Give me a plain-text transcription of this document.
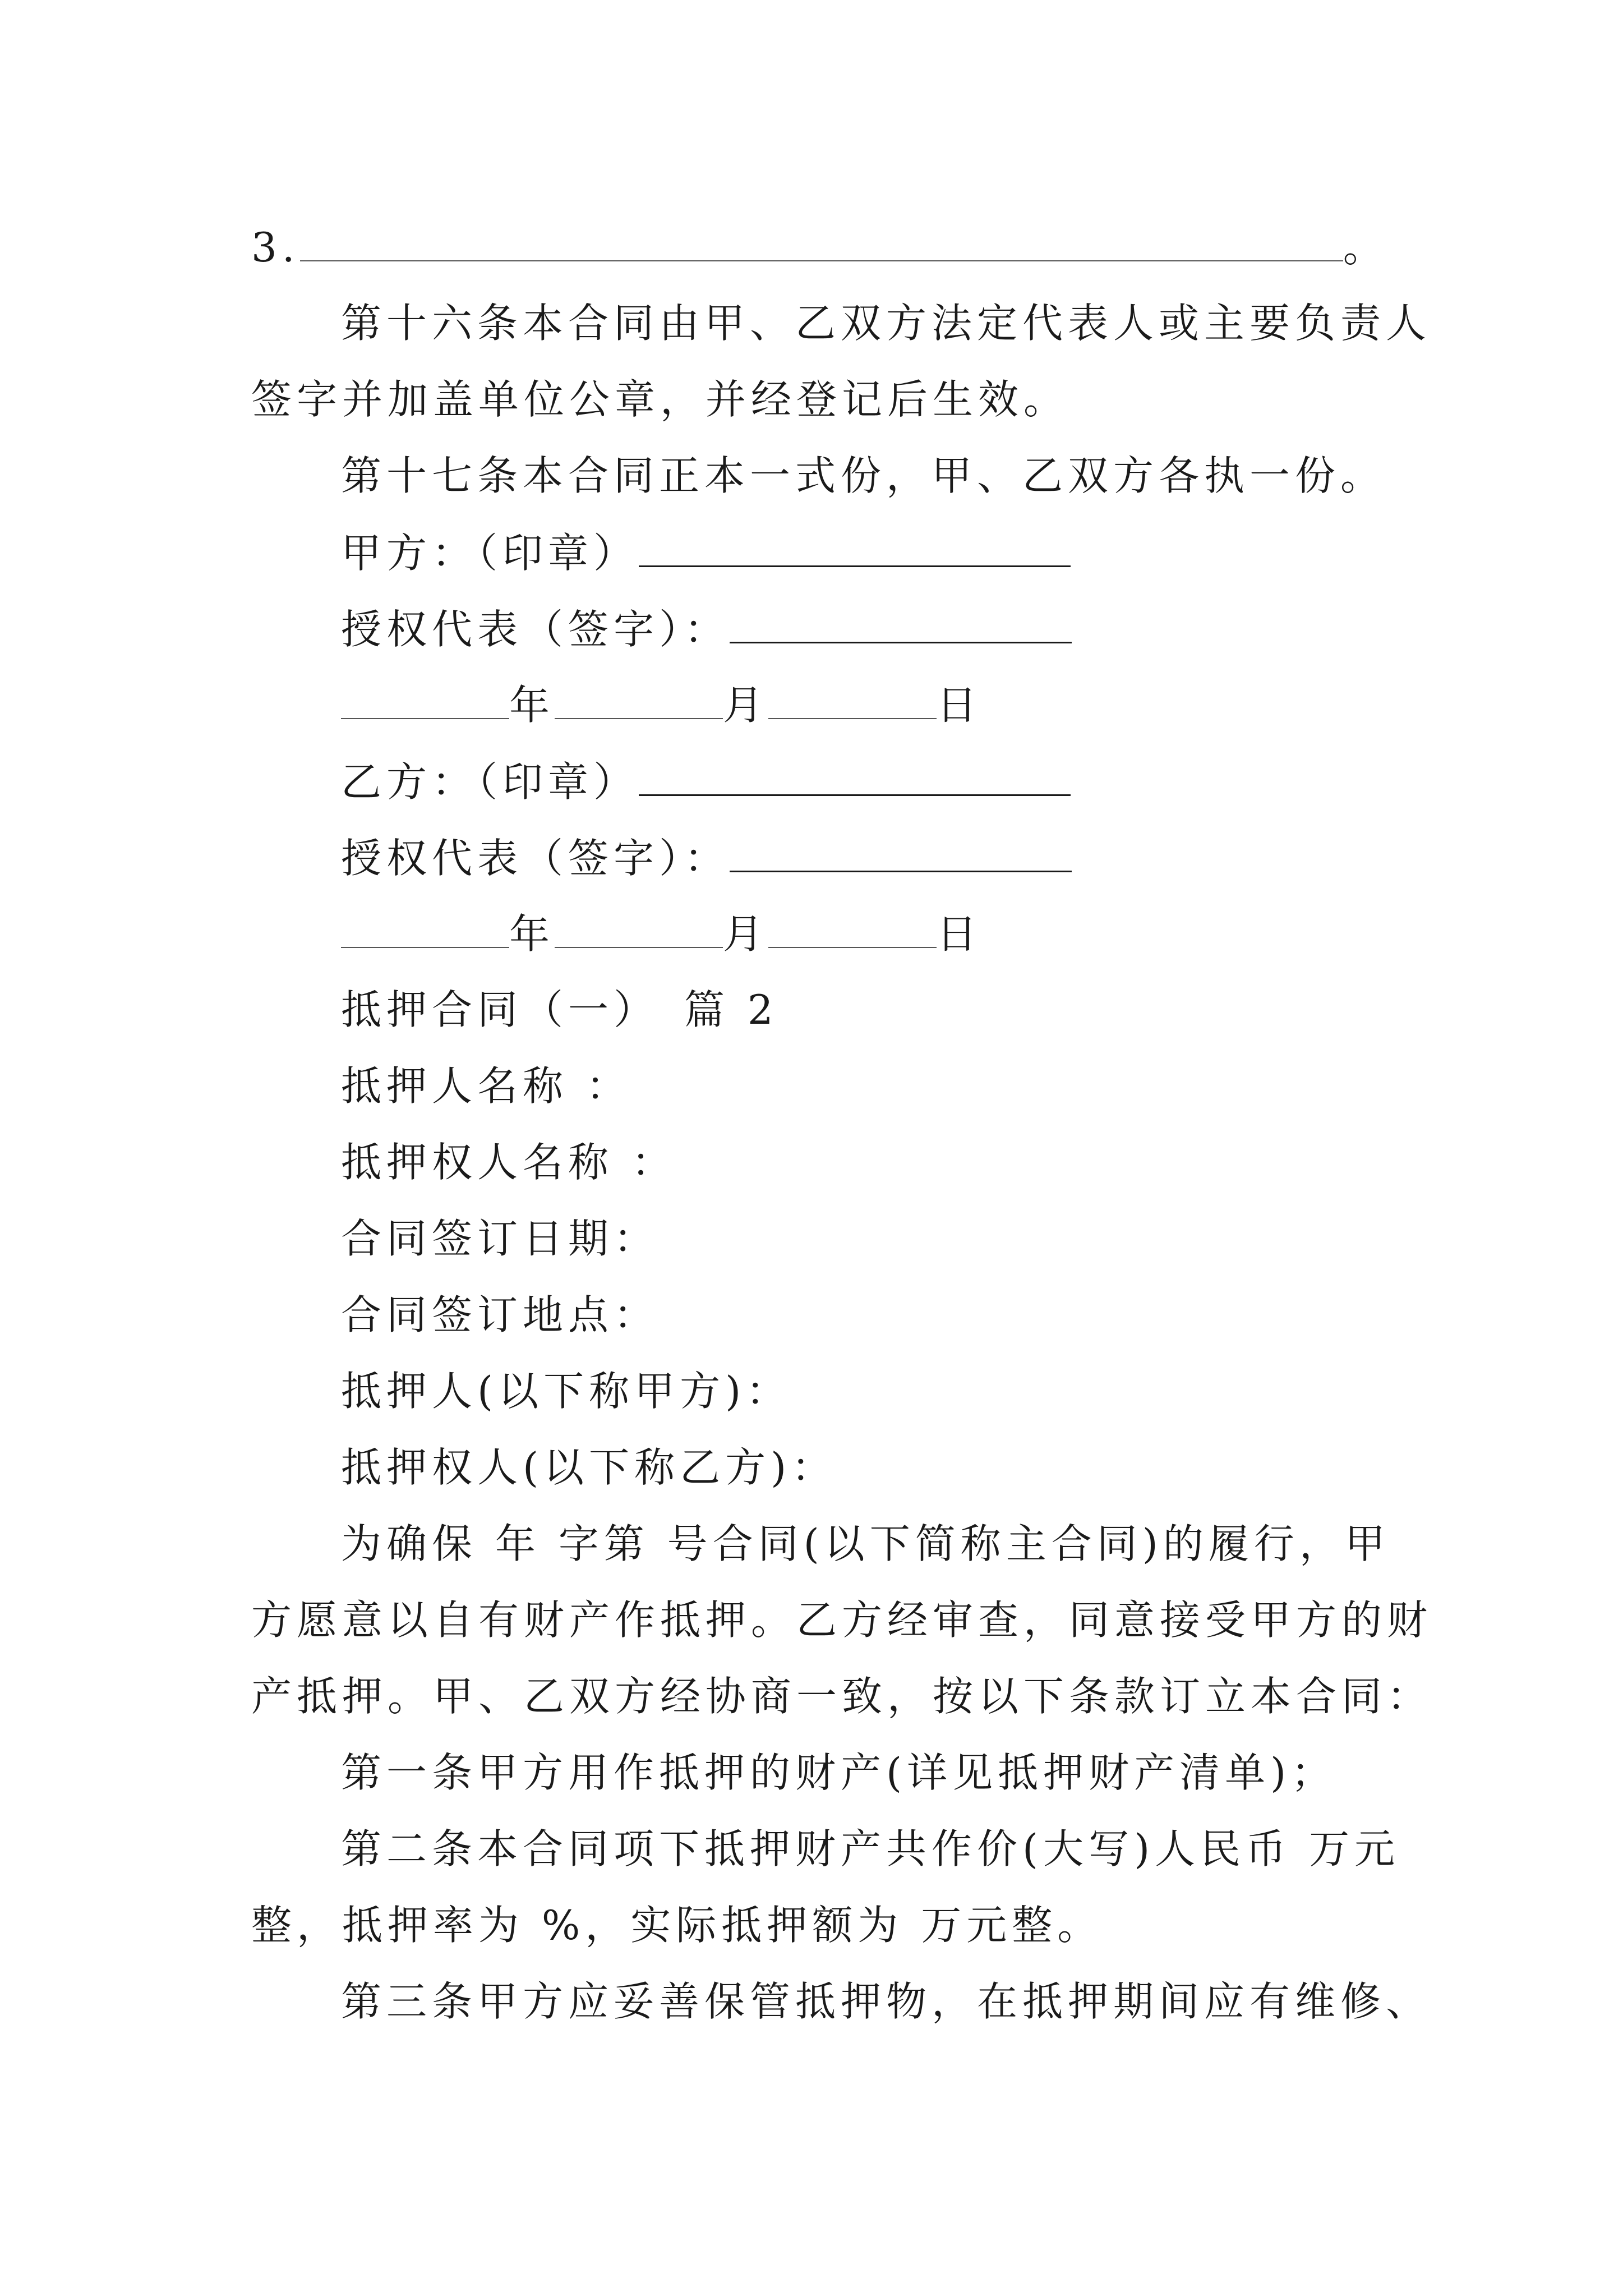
3.	。
第十六条本合同由甲、乙双方法定代表人或主要负责人
签字并加盖单位公章，并经登记后生效。
第十七条本合同正本一式份，甲、乙双方各执一份。
甲方：（印章）
授权代表（签字）：
年	月	日
乙方：（印章）
授权代表（签字）：
年	月	日
抵押合同（一）　篇 2
抵押人名称 ：
抵押权人名称 ：
合同签订日期：
合同签订地点：
抵押人(以下称甲方)：
抵押权人(以下称乙方)：
为确保 年 字第 号合同(以下简称主合同)的履行，甲
方愿意以自有财产作抵押。乙方经审查，同意接受甲方的财
产抵押。甲、乙双方经协商一致，按以下条款订立本合同：
第一条甲方用作抵押的财产(详见抵押财产清单)；
第二条本合同项下抵押财产共作价(大写)人民币 万元
整，抵押率为 %，实际抵押额为 万元整。
第三条甲方应妥善保管抵押物，在抵押期间应有维修、
